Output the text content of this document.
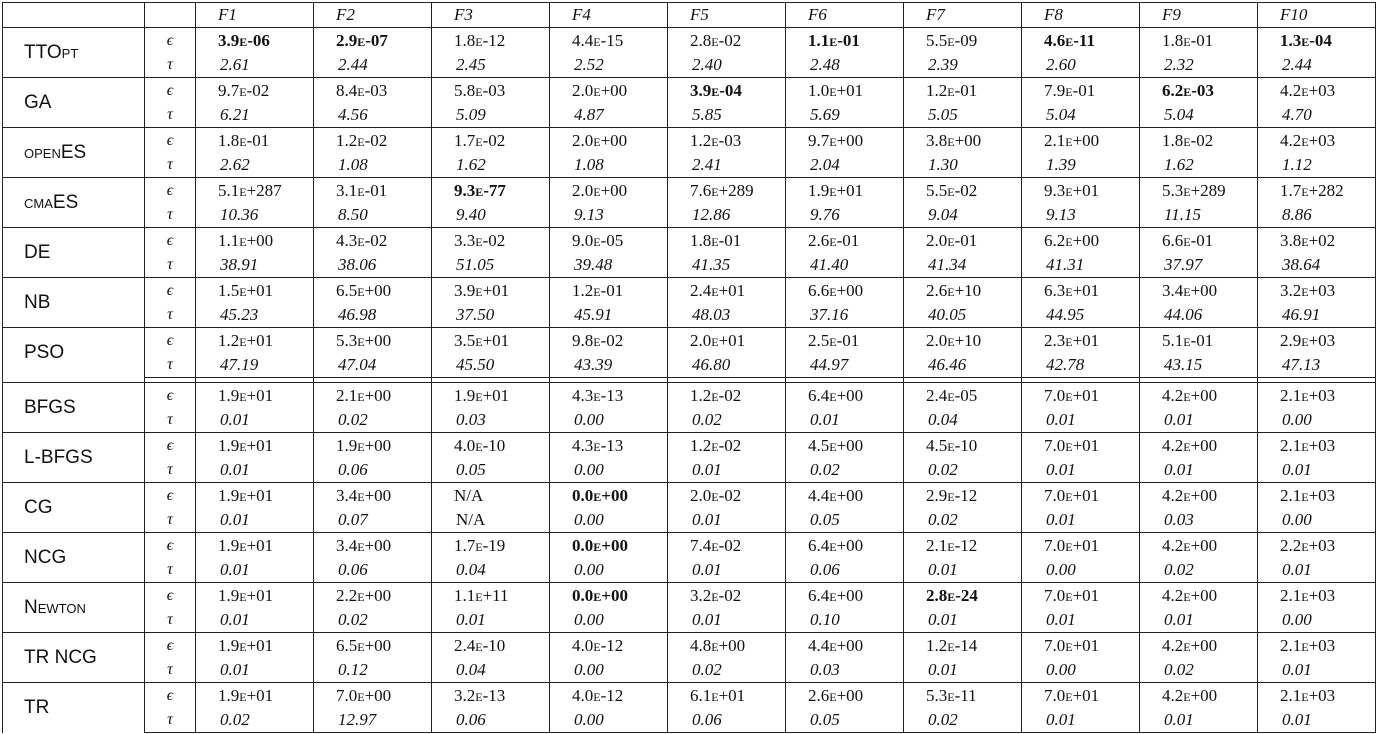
		F1	F2	F3	F4	F5	F6	F7	F8	F9	F10
TTOpt	ϵ	3.9e-06	2.9e-07	1.8e-12	4.4e-15	2.8e-02	1.1e-01	5.5e-09	4.6e-11	1.8e-01	1.3e-04
	τ	2.61	2.44	2.45	2.52	2.40	2.48	2.39	2.60	2.32	2.44
GA	ϵ	9.7e-02	8.4e-03	5.8e-03	2.0e+00	3.9e-04	1.0e+01	1.2e-01	7.9e-01	6.2e-03	4.2e+03
	τ	6.21	4.56	5.09	4.87	5.85	5.69	5.05	5.04	5.04	4.70
openES	ϵ	1.8e-01	1.2e-02	1.7e-02	2.0e+00	1.2e-03	9.7e+00	3.8e+00	2.1e+00	1.8e-02	4.2e+03
	τ	2.62	1.08	1.62	1.08	2.41	2.04	1.30	1.39	1.62	1.12
cmaES	ϵ	5.1e+287	3.1e-01	9.3e-77	2.0e+00	7.6e+289	1.9e+01	5.5e-02	9.3e+01	5.3e+289	1.7e+282
	τ	10.36	8.50	9.40	9.13	12.86	9.76	9.04	9.13	11.15	8.86
DE	ϵ	1.1e+00	4.3e-02	3.3e-02	9.0e-05	1.8e-01	2.6e-01	2.0e-01	6.2e+00	6.6e-01	3.8e+02
	τ	38.91	38.06	51.05	39.48	41.35	41.40	41.34	41.31	37.97	38.64
NB	ϵ	1.5e+01	6.5e+00	3.9e+01	1.2e-01	2.4e+01	6.6e+00	2.6e+10	6.3e+01	3.4e+00	3.2e+03
	τ	45.23	46.98	37.50	45.91	48.03	37.16	40.05	44.95	44.06	46.91
PSO	ϵ	1.2e+01	5.3e+00	3.5e+01	9.8e-02	2.0e+01	2.5e-01	2.0e+10	2.3e+01	5.1e-01	2.9e+03
	τ	47.19	47.04	45.50	43.39	46.80	44.97	46.46	42.78	43.15	47.13

BFGS	ϵ	1.9e+01	2.1e+00	1.9e+01	4.3e-13	1.2e-02	6.4e+00	2.4e-05	7.0e+01	4.2e+00	2.1e+03
	τ	0.01	0.02	0.03	0.00	0.02	0.01	0.04	0.01	0.01	0.00
L-BFGS	ϵ	1.9e+01	1.9e+00	4.0e-10	4.3e-13	1.2e-02	4.5e+00	4.5e-10	7.0e+01	4.2e+00	2.1e+03
	τ	0.01	0.06	0.05	0.00	0.01	0.02	0.02	0.01	0.01	0.01
CG	ϵ	1.9e+01	3.4e+00	N/A	0.0e+00	2.0e-02	4.4e+00	2.9e-12	7.0e+01	4.2e+00	2.1e+03
	τ	0.01	0.07	N/A	0.00	0.01	0.05	0.02	0.01	0.03	0.00
NCG	ϵ	1.9e+01	3.4e+00	1.7e-19	0.0e+00	7.4e-02	6.4e+00	2.1e-12	7.0e+01	4.2e+00	2.2e+03
	τ	0.01	0.06	0.04	0.00	0.01	0.06	0.01	0.00	0.02	0.01
Newton	ϵ	1.9e+01	2.2e+00	1.1e+11	0.0e+00	3.2e-02	6.4e+00	2.8e-24	7.0e+01	4.2e+00	2.1e+03
	τ	0.01	0.02	0.01	0.00	0.01	0.10	0.01	0.01	0.01	0.00
TR NCG	ϵ	1.9e+01	6.5e+00	2.4e-10	4.0e-12	4.8e+00	4.4e+00	1.2e-14	7.0e+01	4.2e+00	2.1e+03
	τ	0.01	0.12	0.04	0.00	0.02	0.03	0.01	0.00	0.02	0.01
TR	ϵ	1.9e+01	7.0e+00	3.2e-13	4.0e-12	6.1e+01	2.6e+00	5.3e-11	7.0e+01	4.2e+00	2.1e+03
	τ	0.02	12.97	0.06	0.00	0.06	0.05	0.02	0.01	0.01	0.01
